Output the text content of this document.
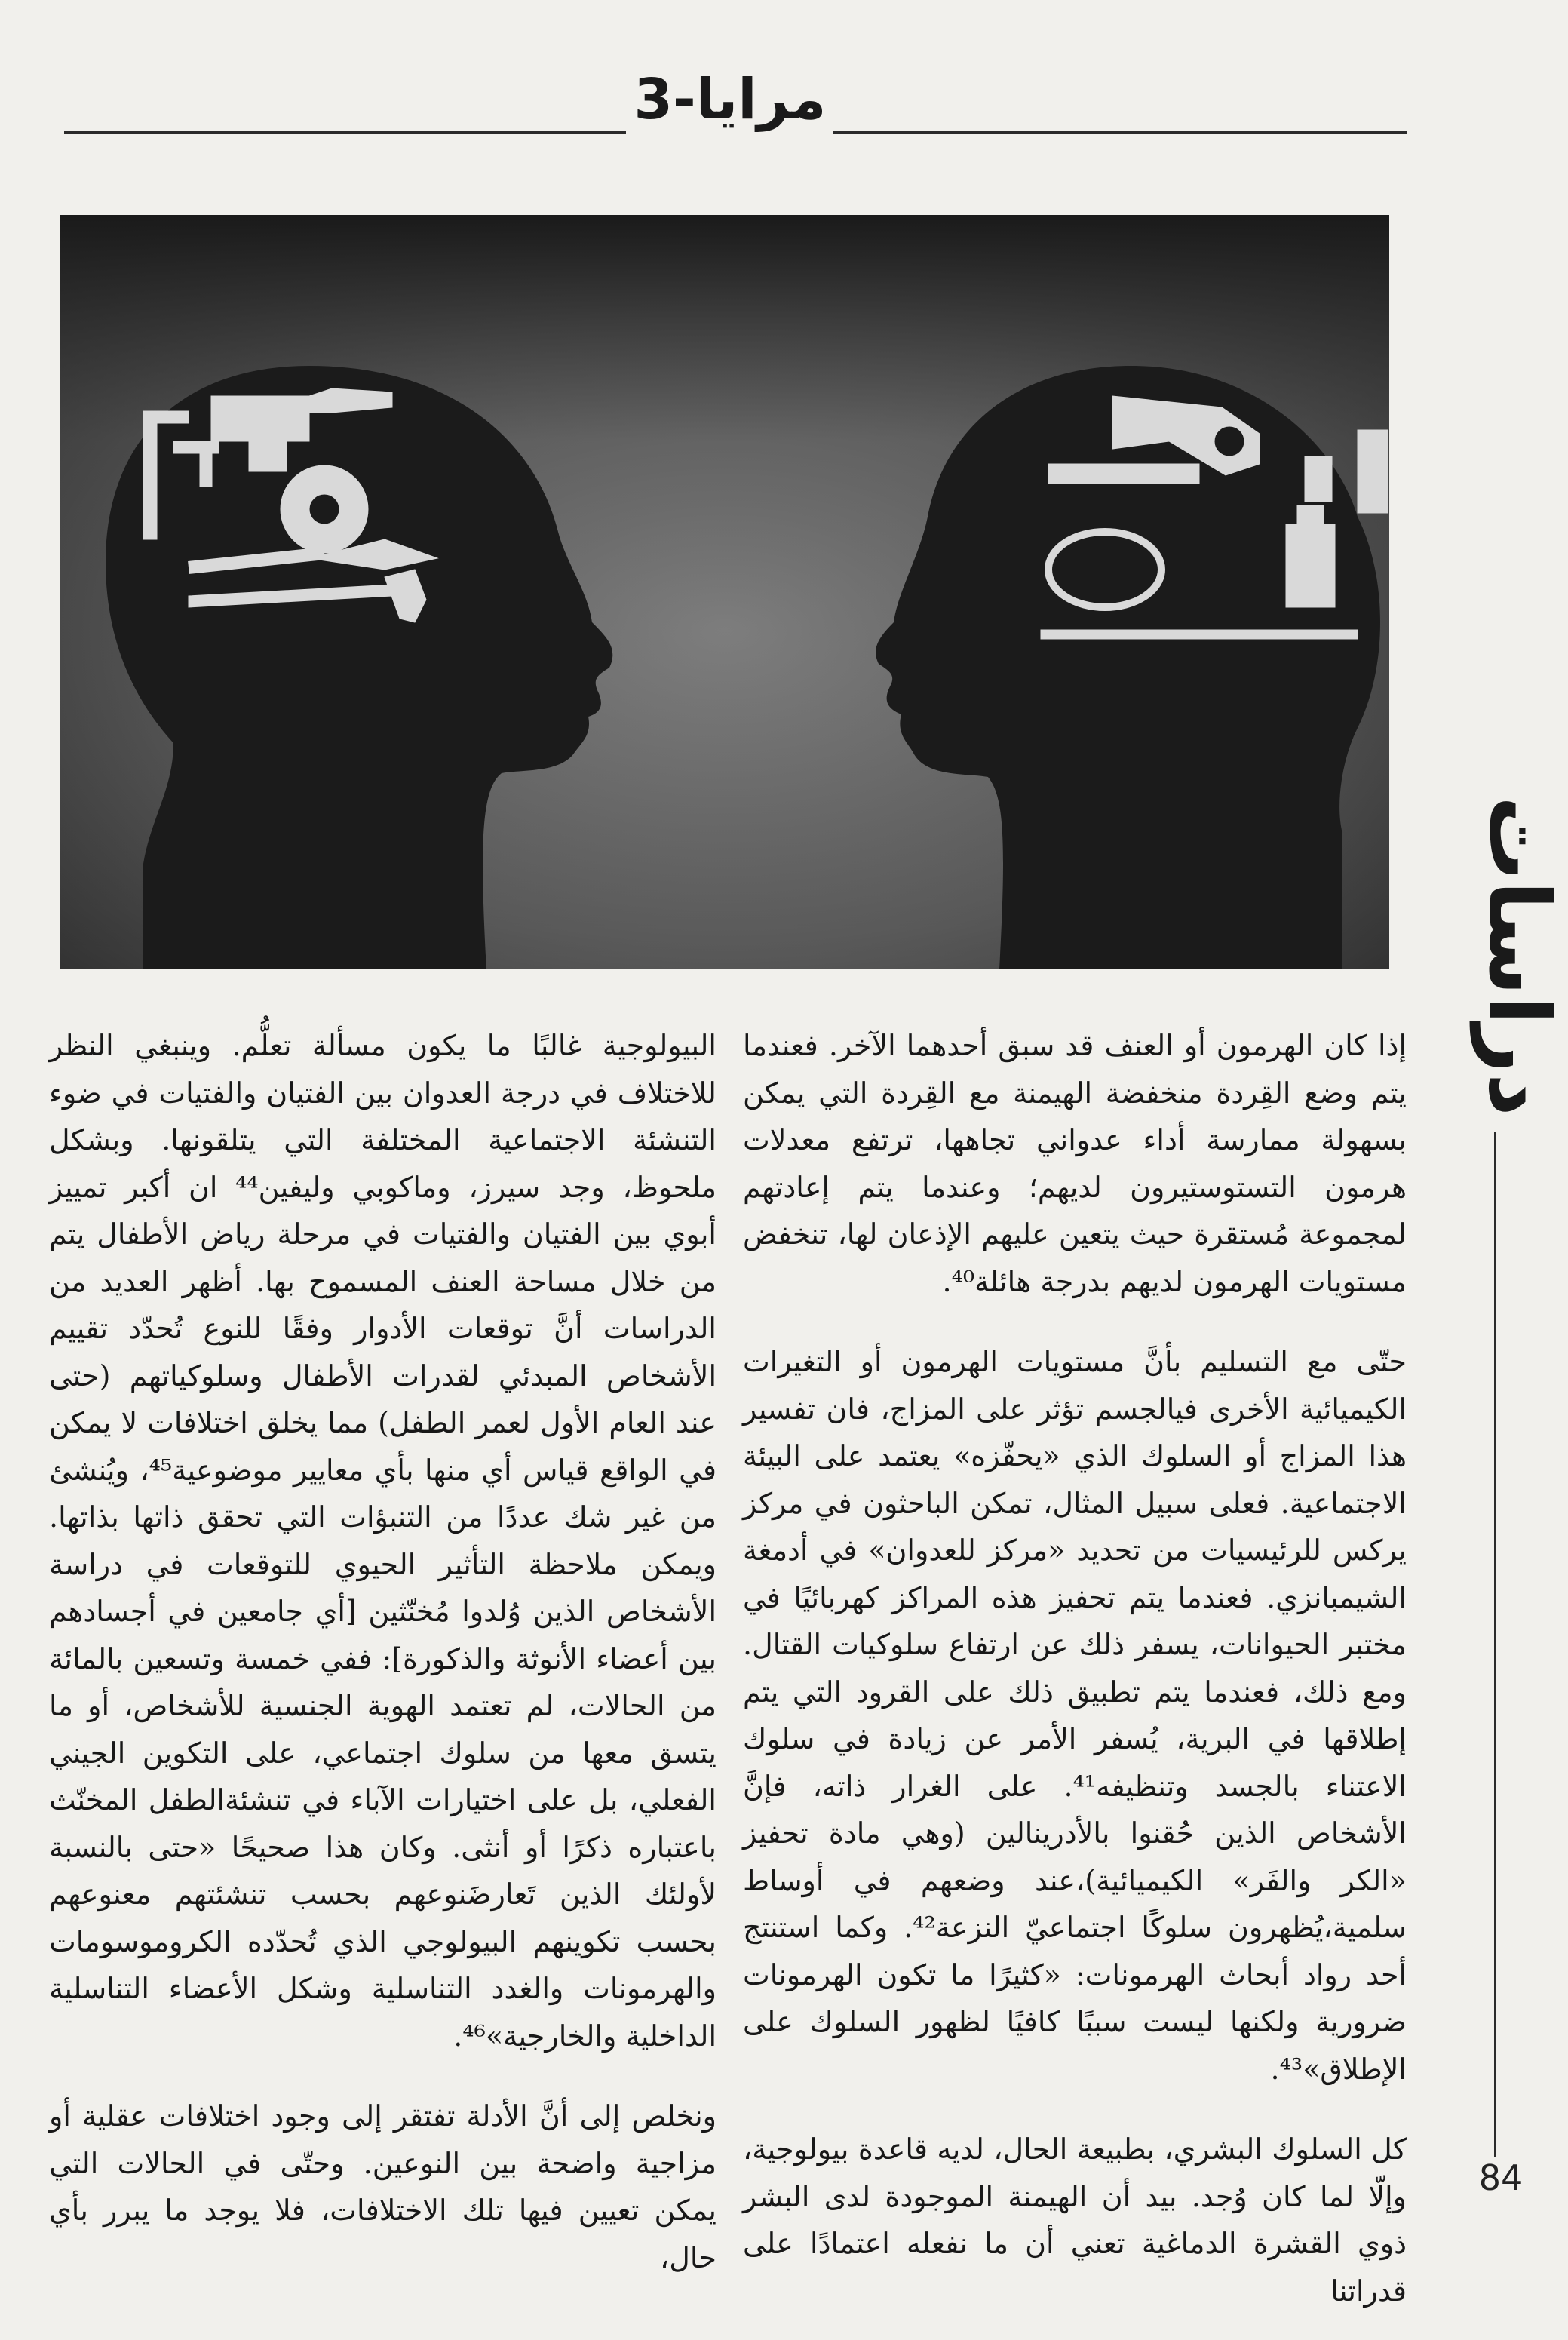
مرايا-3
دراسات
84

إذا كان الهرمون أو العنف قد سبق أحدهما الآخر. فعندما يتم وضع القِردة منخفضة الهيمنة مع القِردة التي يمكن بسهولة ممارسة أداء عدواني تجاهها، ترتفع معدلات هرمون التستوستيرون لديهم؛ وعندما يتم إعادتهم لمجموعة مُستقرة حيث يتعين عليهم الإذعان لها، تنخفض مستويات الهرمون لديهم بدرجة هائلة⁴⁰.

حتّى مع التسليم بأنَّ مستويات الهرمون أو التغيرات الكيميائية الأخرى فيالجسم تؤثر على المزاج، فان تفسير هذا المزاج أو السلوك الذي «يحفّزه» يعتمد على البيئة الاجتماعية. فعلى سبيل المثال، تمكن الباحثون في مركز يركس للرئيسيات من تحديد «مركز للعدوان» في أدمغة الشيمبانزي. فعندما يتم تحفيز هذه المراكز كهربائيًا في مختبر الحيوانات، يسفر ذلك عن ارتفاع سلوكيات القتال. ومع ذلك، فعندما يتم تطبيق ذلك على القرود التي يتم إطلاقها في البرية، يُسفر الأمر عن زيادة في سلوك الاعتناء بالجسد وتنظيفه⁴¹. على الغرار ذاته، فإنَّ الأشخاص الذين حُقنوا بالأدرينالين (وهي مادة تحفيز «الكر والفَر» الكيميائية)،عند وضعهم في أوساط سلمية،يُظهرون سلوكًا اجتماعيّ النزعة⁴². وكما استنتج أحد رواد أبحاث الهرمونات: «كثيرًا ما تكون الهرمونات ضرورية ولكنها ليست سببًا كافيًا لظهور السلوك على الإطلاق»⁴³.

كل السلوك البشري، بطبيعة الحال، لديه قاعدة بيولوجية، وإلّا لما كان وُجد. بيد أن الهيمنة الموجودة لدى البشر ذوي القشرة الدماغية تعني أن ما نفعله اعتمادًا على قدراتنا

البيولوجية غالبًا ما يكون مسألة تعلُّم. وينبغي النظر للاختلاف في درجة العدوان بين الفتيان والفتيات في ضوء التنشئة الاجتماعية المختلفة التي يتلقونها. وبشكل ملحوظ، وجد سيرز، وماكوبي وليفين⁴⁴ ان أكبر تمييز أبوي بين الفتيان والفتيات في مرحلة رياض الأطفال يتم من خلال مساحة العنف المسموح بها. أظهر العديد من الدراسات أنَّ توقعات الأدوار وفقًا للنوع تُحدّد تقييم الأشخاص المبدئي لقدرات الأطفال وسلوكياتهم (حتى عند العام الأول لعمر الطفل) مما يخلق اختلافات لا يمكن في الواقع قياس أي منها بأي معايير موضوعية⁴⁵، ويُنشئ من غير شك عددًا من التنبؤات التي تحقق ذاتها بذاتها. ويمكن ملاحظة التأثير الحيوي للتوقعات في دراسة الأشخاص الذين وُلدوا مُخنّثين [أي جامعين في أجسادهم بين أعضاء الأنوثة والذكورة]: ففي خمسة وتسعين بالمائة من الحالات، لم تعتمد الهوية الجنسية للأشخاص، أو ما يتسق معها من سلوك اجتماعي، على التكوين الجيني الفعلي، بل على اختيارات الآباء في تنشئةالطفل المخنّث باعتباره ذكرًا أو أنثى. وكان هذا صحيحًا «حتى بالنسبة لأولئك الذين تَعارضَنوعهم بحسب تنشئتهم معنوعهم بحسب تكوينهم البيولوجي الذي تُحدّده الكروموسومات والهرمونات والغدد التناسلية وشكل الأعضاء التناسلية الداخلية والخارجية»⁴⁶.

ونخلص إلى أنَّ الأدلة تفتقر إلى وجود اختلافات عقلية أو مزاجية واضحة بين النوعين. وحتّى في الحالات التي يمكن تعيين فيها تلك الاختلافات، فلا يوجد ما يبرر بأي حال،
